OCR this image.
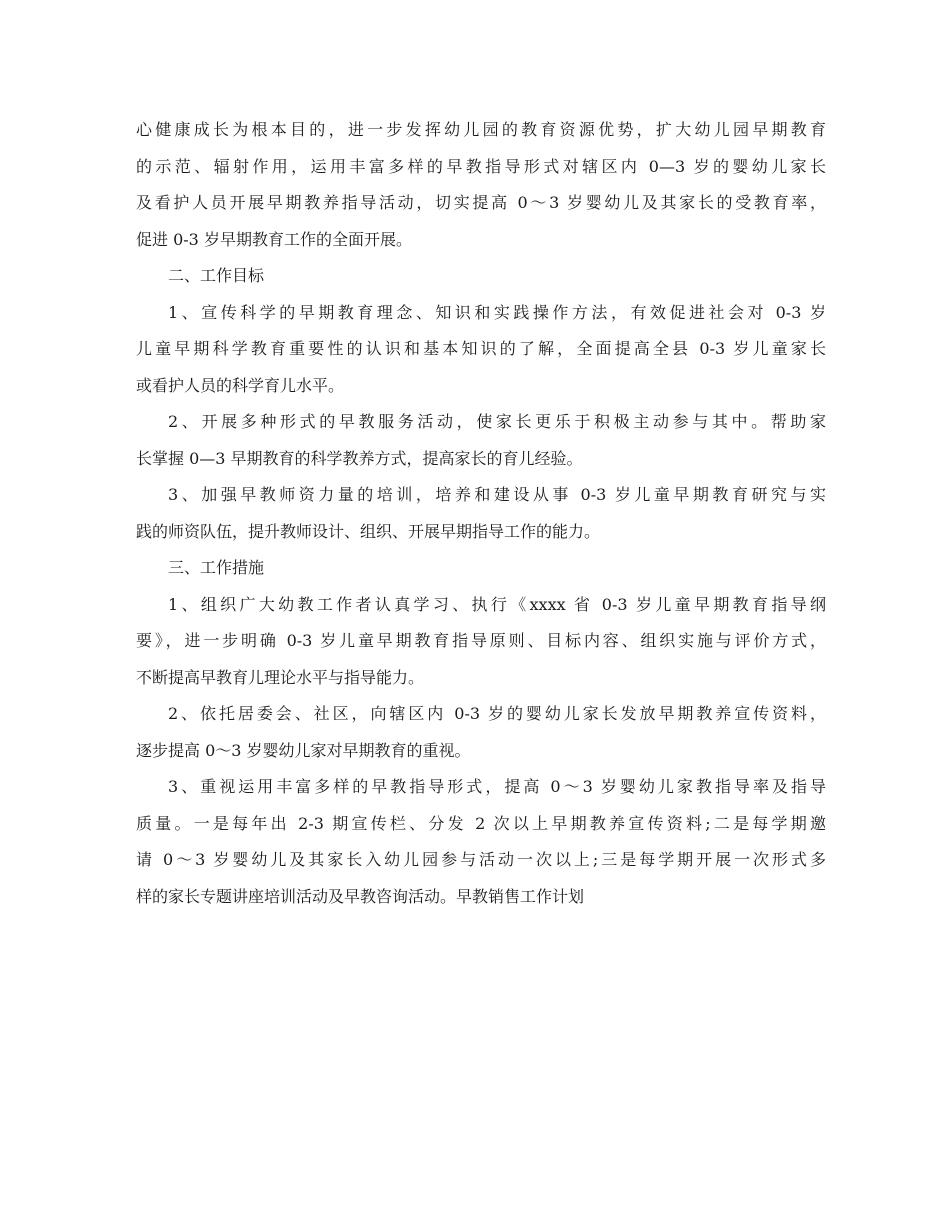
心健康成长为根本目的，进一步发挥幼儿园的教育资源优势，扩大幼儿园早期教育
的示范、辐射作用，运用丰富多样的早教指导形式对辖区内 0—3 岁的婴幼儿家长
及看护人员开展早期教养指导活动，切实提高 0～3 岁婴幼儿及其家长的受教育率，
促进 0-3 岁早期教育工作的全面开展。
二、工作目标
1、宣传科学的早期教育理念、知识和实践操作方法，有效促进社会对 0-3 岁
儿童早期科学教育重要性的认识和基本知识的了解，全面提高全县 0-3 岁儿童家长
或看护人员的科学育儿水平。
2、开展多种形式的早教服务活动，使家长更乐于积极主动参与其中。帮助家
长掌握 0—3 早期教育的科学教养方式，提高家长的育儿经验。
3、加强早教师资力量的培训，培养和建设从事 0-3 岁儿童早期教育研究与实
践的师资队伍，提升教师设计、组织、开展早期指导工作的能力。
三、工作措施
1、组织广大幼教工作者认真学习、执行《xxxx 省 0-3 岁儿童早期教育指导纲
要》，进一步明确 0-3 岁儿童早期教育指导原则、目标内容、组织实施与评价方式，
不断提高早教育儿理论水平与指导能力。
2、依托居委会、社区，向辖区内 0-3 岁的婴幼儿家长发放早期教养宣传资料，
逐步提高 0～3 岁婴幼儿家对早期教育的重视。
3、重视运用丰富多样的早教指导形式，提高 0～3 岁婴幼儿家教指导率及指导
质量。一是每年出 2-3 期宣传栏、分发 2 次以上早期教养宣传资料;二是每学期邀
请 0～3 岁婴幼儿及其家长入幼儿园参与活动一次以上;三是每学期开展一次形式多
样的家长专题讲座培训活动及早教咨询活动。早教销售工作计划
